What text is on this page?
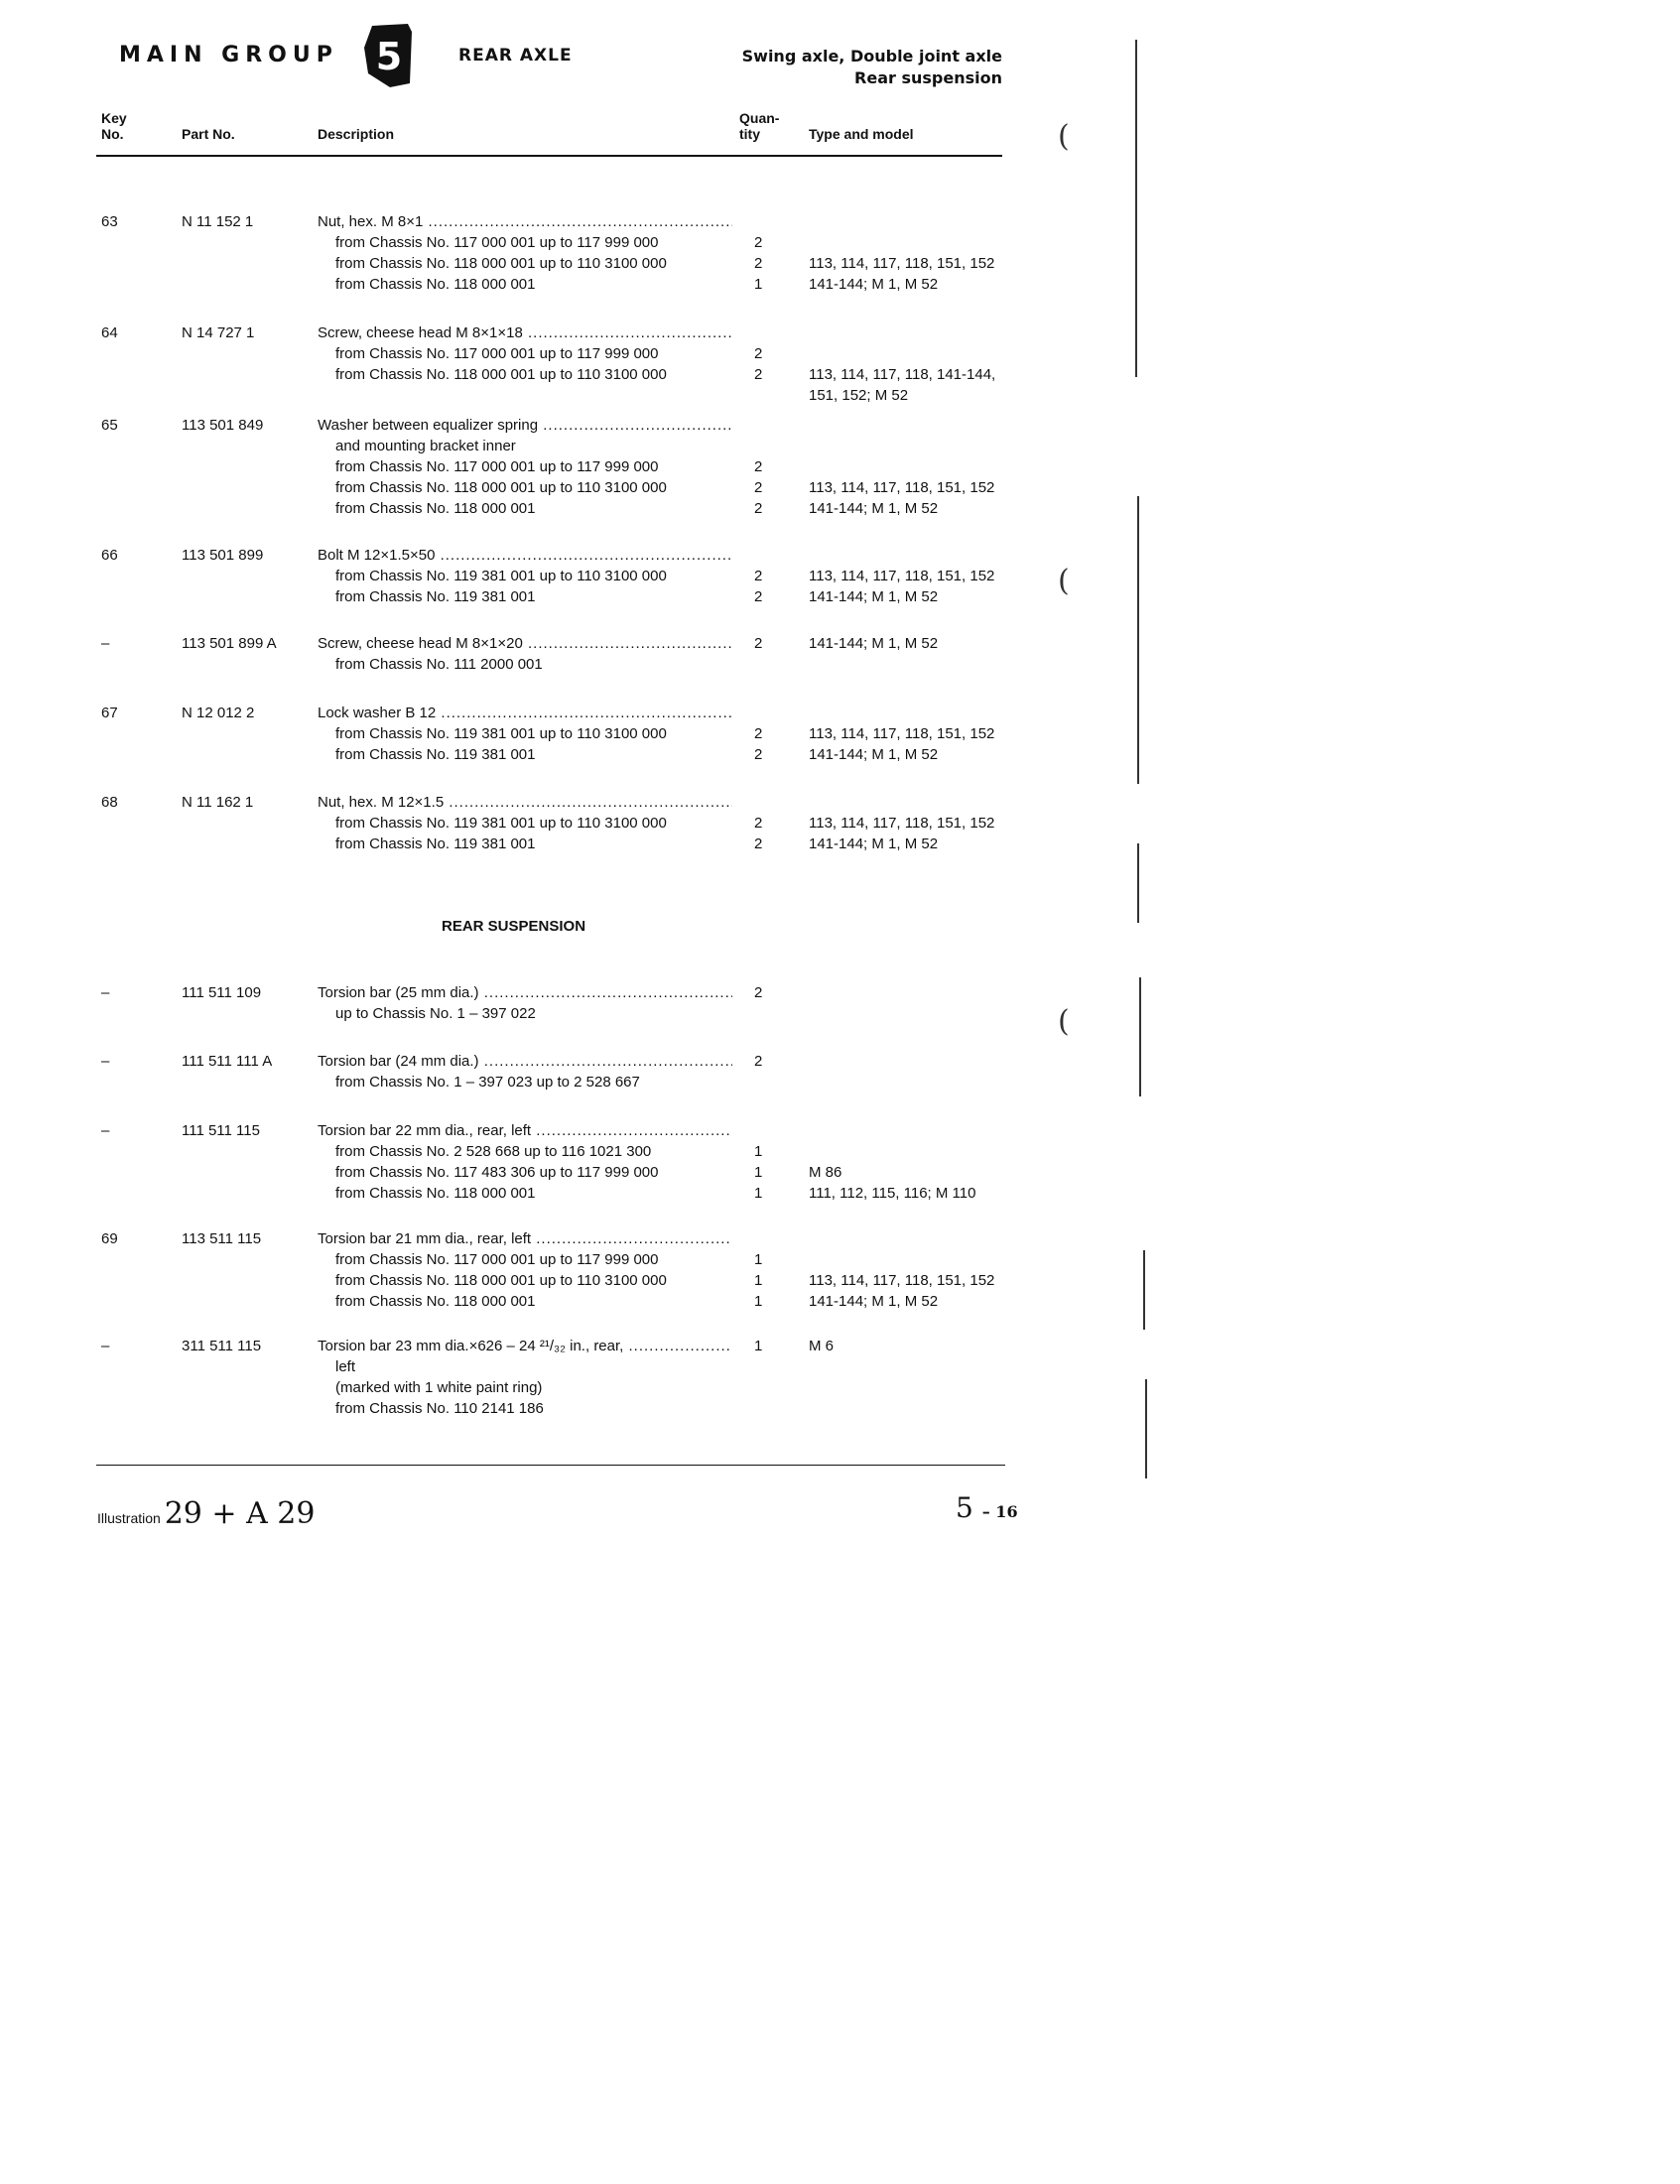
MAIN GROUP 5	REAR AXLE	Swing axle, Double joint axle
Rear suspension
Key
No.	Part No.	Description
Quan-
tity	Type and model
63	N 11 152 1	Nut, hex. M 8×1 .....
from Chassis No. 117 000 001 up to 117 999 000	2
from Chassis No. 118 000 001 up to 110 3100 000	2	113, 114, 117, 118, 151, 152
from Chassis No. 118 000 001	1	141-144; M 1, M 52
64	N 14 727 1	Screw, cheese head M 8×1×18 .....
from Chassis No. 117 000 001 up to 117 999 000	2
from Chassis No. 118 000 001 up to 110 3100 000	2	113, 114, 117, 118, 141-144,
151, 152; M 52
65	113 501 849	Washer between equalizer spring .....
and mounting bracket inner
from Chassis No. 117 000 001 up to 117 999 000	2
from Chassis No. 118 000 001 up to 110 3100 000	2	113, 114, 117, 118, 151, 152
from Chassis No. 118 000 001	2	141-144; M 1, M 52
66	113 501 899	Bolt M 12×1.5×50 .....
from Chassis No. 119 381 001 up to 110 3100 000	2	113, 114, 117, 118, 151, 152
from Chassis No. 119 381 001	2	141-144; M 1, M 52
–	113 501 899 A	Screw, cheese head M 8×1×20 .....	2	141-144; M 1, M 52
from Chassis No. 111 2000 001
67	N 12 012 2	Lock washer B 12 .....
from Chassis No. 119 381 001 up to 110 3100 000	2	113, 114, 117, 118, 151, 152
from Chassis No. 119 381 001	2	141-144; M 1, M 52
68	N 11 162 1	Nut, hex. M 12×1.5 .....
from Chassis No. 119 381 001 up to 110 3100 000	2	113, 114, 117, 118, 151, 152
from Chassis No. 119 381 001	2	141-144; M 1, M 52
REAR SUSPENSION
–	111 511 109	Torsion bar (25 mm dia.) .....	2
up to Chassis No. 1 – 397 022
–	111 511 111 A	Torsion bar (24 mm dia.) .....	2
from Chassis No. 1 – 397 023 up to 2 528 667
–	111 511 115	Torsion bar 22 mm dia., rear, left .....
from Chassis No. 2 528 668 up to 116 1021 300	1
from Chassis No. 117 483 306 up to 117 999 000	1	M 86
from Chassis No. 118 000 001	1	111, 112, 115, 116; M 110
69	113 511 115	Torsion bar 21 mm dia., rear, left .....
from Chassis No. 117 000 001 up to 117 999 000	1
from Chassis No. 118 000 001 up to 110 3100 000	1	113, 114, 117, 118, 151, 152
from Chassis No. 118 000 001	1	141-144; M 1, M 52
–	311 511 115	Torsion bar 23 mm dia.×626 – 24 ²¹/₃₂ in., rear, .....	1	M 6
left
(marked with 1 white paint ring)
from Chassis No. 110 2141 186
Illustration 29 + A 29	5 – 16
(
(
(
